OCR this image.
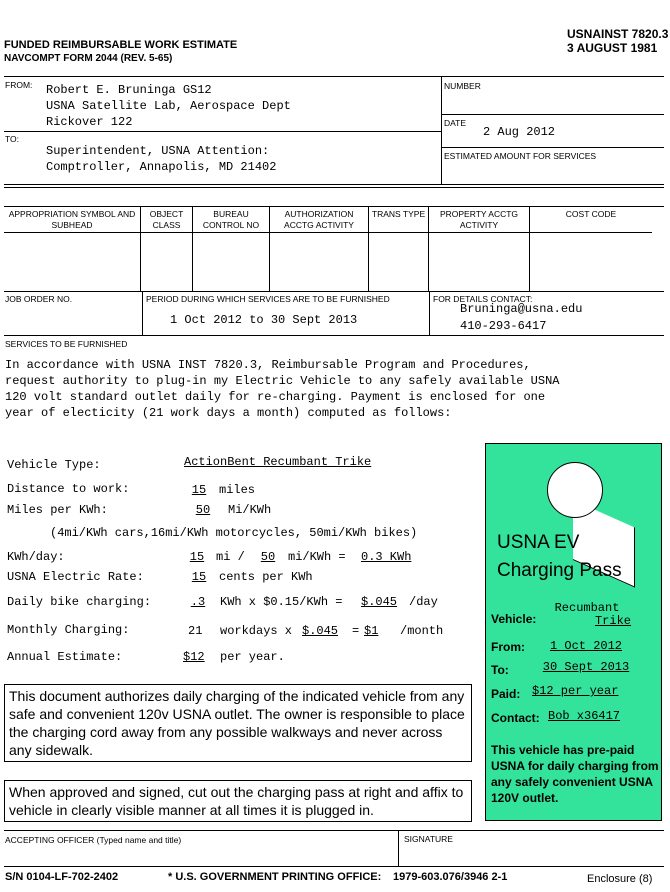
FUNDED REIMBURSABLE WORK ESTIMATE
NAVCOMPT FORM 2044 (REV. 5-65)
USNAINST 7820.3
3 AUGUST 1981
FROM: Robert E. Bruninga GS12
USNA Satellite Lab, Aerospace Dept
Rickover 122
TO:
Superintendent, USNA Attention:
Comptroller, Annapolis, MD 21402
NUMBER
DATE
2 Aug 2012
ESTIMATED AMOUNT FOR SERVICES
APPROPRIATION SYMBOL AND SUBHEAD
OBJECT CLASS
BUREAU CONTROL NO
AUTHORIZATION ACCTG ACTIVITY
TRANS TYPE	PROPERTY ACCTG ACTIVITY
COST CODE
JOB ORDER NO.	PERIOD DURING WHICH SERVICES ARE TO BE FURNISHED
1 Oct 2012 to 30 Sept 2013
FOR DETAILS CONTACT:
Bruninga@usna.edu
410-293-6417
SERVICES TO BE FURNISHED
In accordance with USNA INST 7820.3, Reimbursable Program and Procedures,
request authority to plug-in my Electric Vehicle to any safely available USNA
120 volt standard outlet daily for re-charging. Payment is enclosed for one
year of electicity (21 work days a month) computed as follows:
Vehicle Type:	ActionBent Recumbant Trike
Distance to work:	15	miles
Miles per KWh:	50	Mi/KWh
(4mi/KWh cars,16mi/KWh motorcycles, 50mi/KWh bikes)
KWh/day:	15 mi /	50	mi/KWh = 0.3 KWh
USNA Electric Rate:	15	cents per KWh
Daily bike charging:	.3	KWh x $0.15/KWh = $.045 /day
Monthly Charging:	21 workdays x $.045 = $1	/month
Annual Estimate:	$12	per year.
This document authorizes daily charging of the indicated vehicle from any safe and convenient 120v USNA outlet. The owner is responsible to place the charging cord away from any possible walkways and never across any sidewalk.
When approved and signed, cut out the charging pass at right and affix to vehicle in clearly visible manner at all times it is plugged in.
USNA EV
Charging Pass
Vehicle:
Recumbant
Trike
From:	1 Oct 2012
To:	30 Sept 2013
Paid: $12 per year
Contact: Bob x36417
This vehicle has pre-paid USNA for daily charging from any safely convenient USNA 120V outlet.
ACCEPTING OFFICER (Typed name and title)	SIGNATURE
S/N 0104-LF-702-2402	* U.S. GOVERNMENT PRINTING OFFICE: 1979-603.076/3946 2-1	Enclosure (8)
